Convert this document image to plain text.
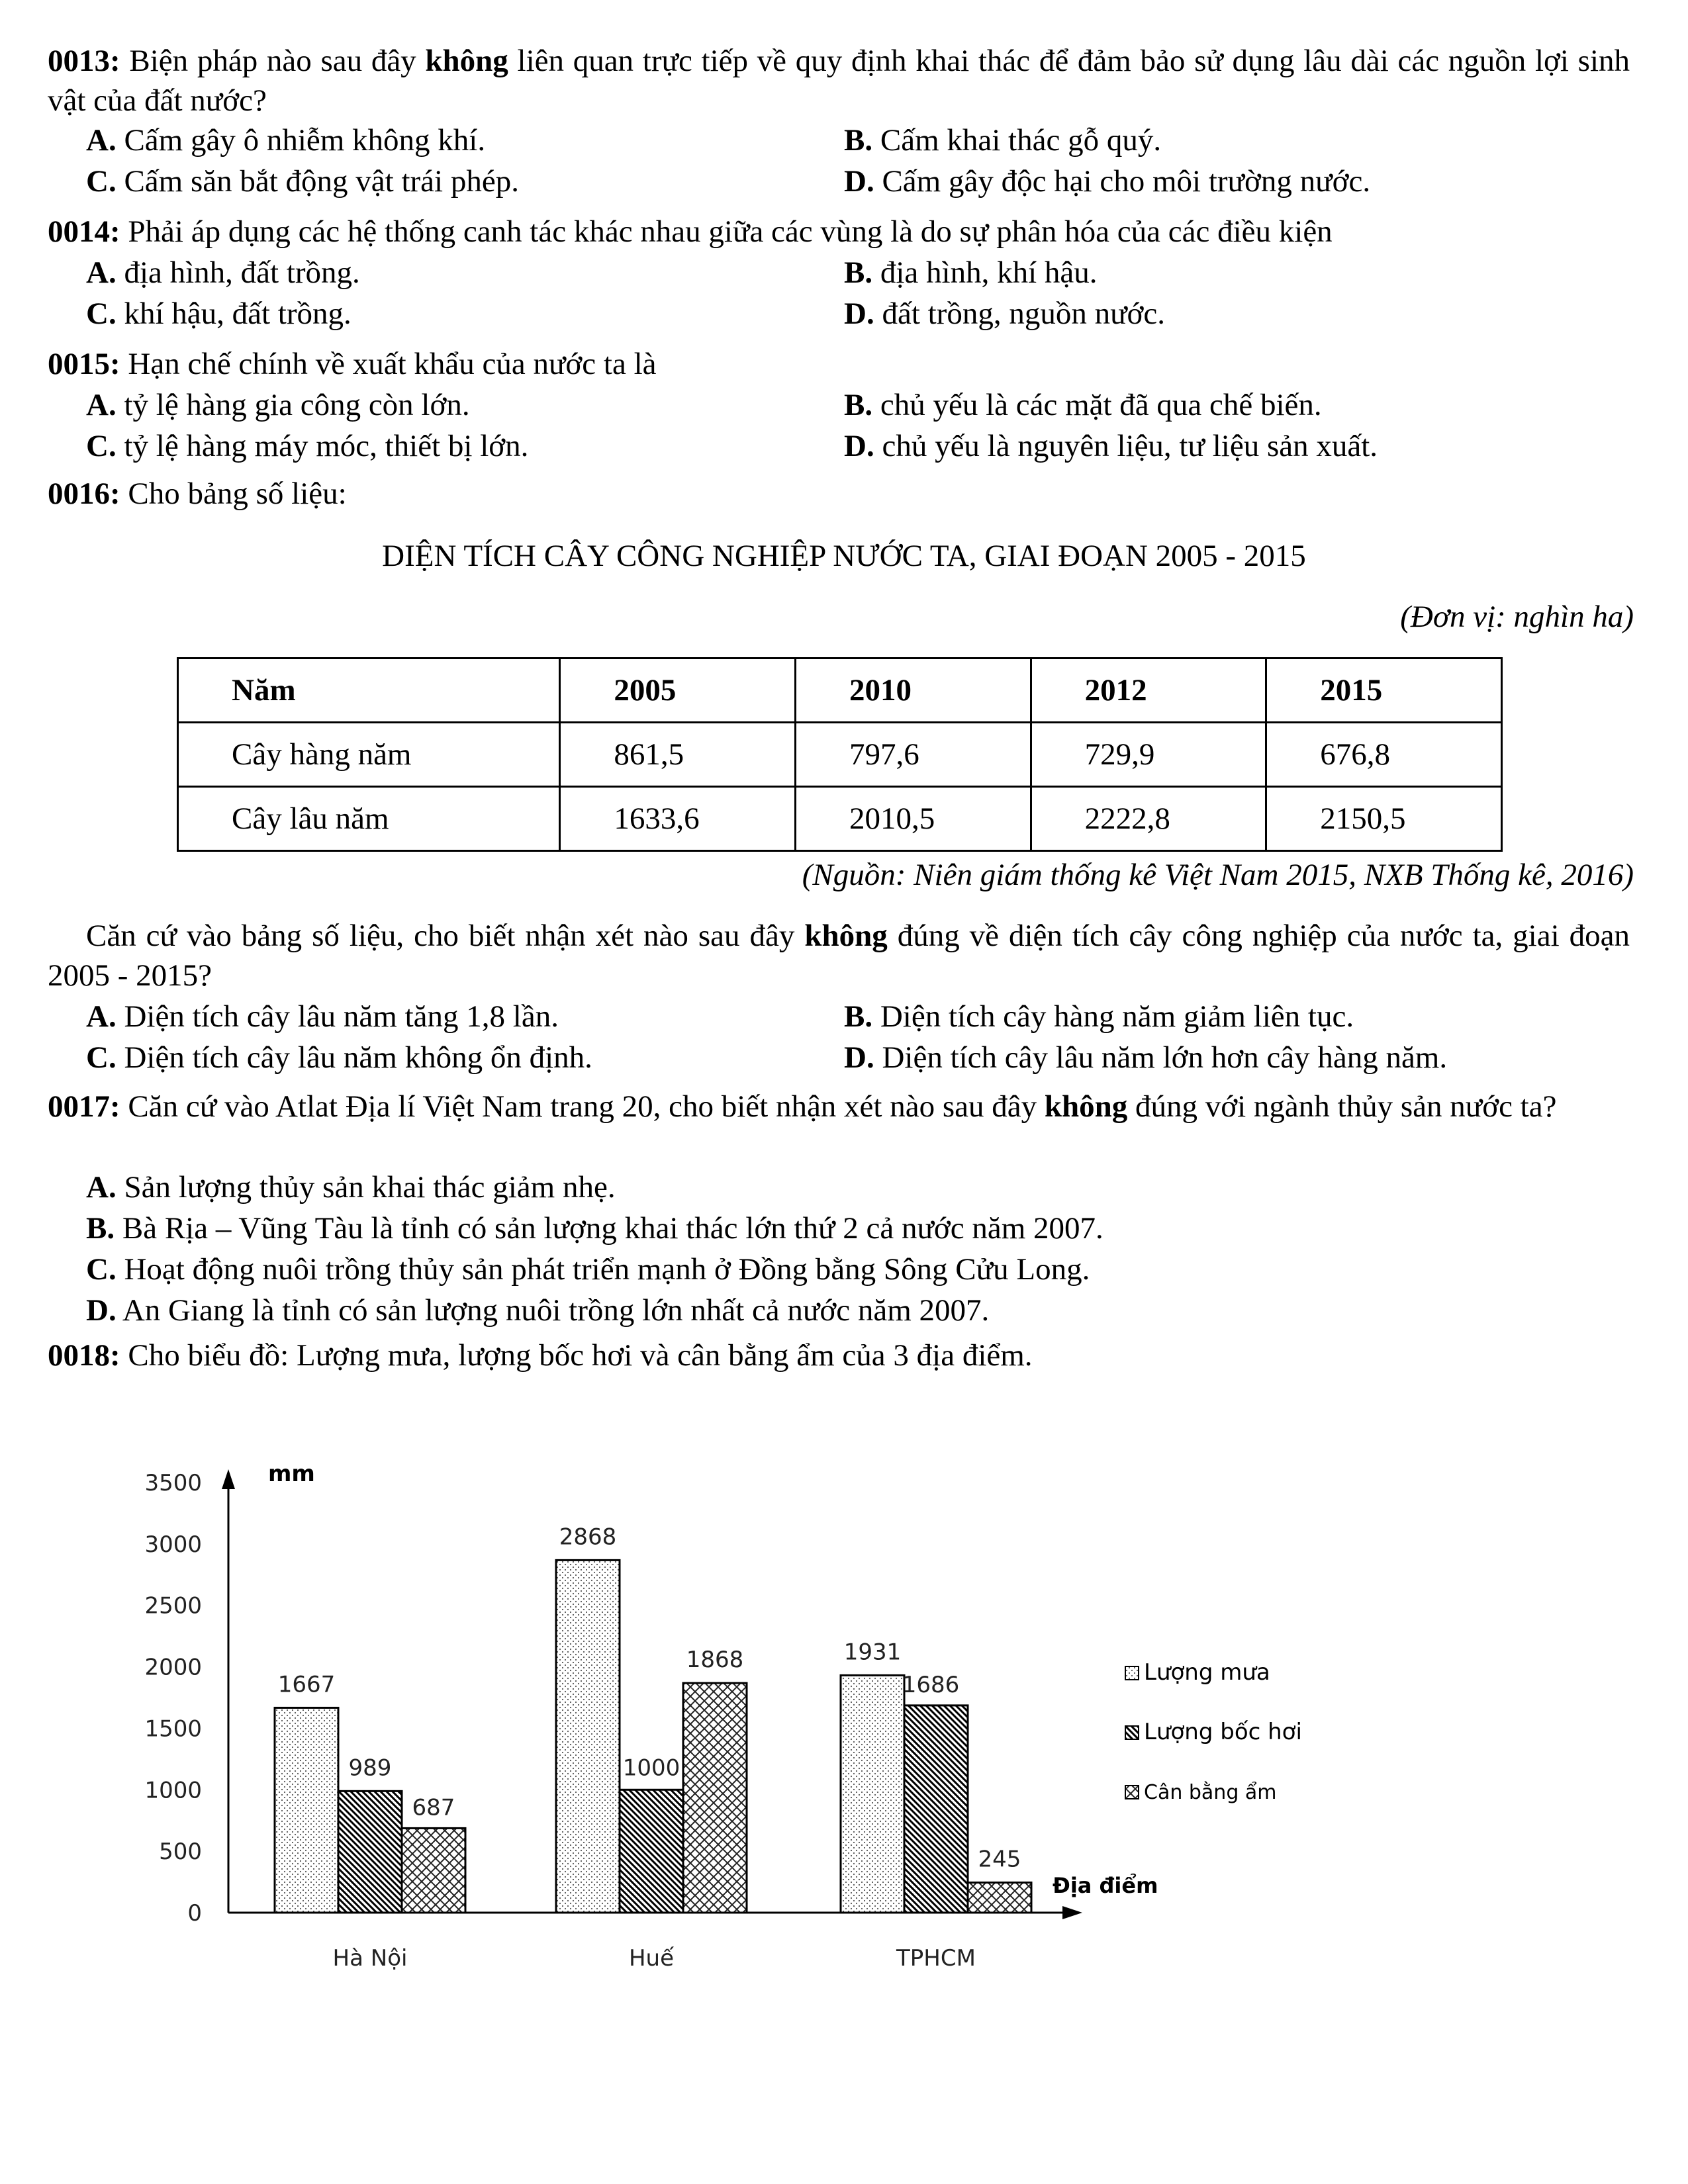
0013: Biện pháp nào sau đây không liên quan trực tiếp về quy định khai thác để đảm bảo sử dụng lâu dài các nguồn lợi sinh vật của đất nước?
A. Cấm gây ô nhiễm không khí.	B. Cấm khai thác gỗ quý.
C. Cấm săn bắt động vật trái phép.	D. Cấm gây độc hại cho môi trường nước.
0014: Phải áp dụng các hệ thống canh tác khác nhau giữa các vùng là do sự phân hóa của các điều kiện
A. địa hình, đất trồng.	B. địa hình, khí hậu.
C. khí hậu, đất trồng.	D. đất trồng, nguồn nước.
0015: Hạn chế chính về xuất khẩu của nước ta là
A. tỷ lệ hàng gia công còn lớn.	B. chủ yếu là các mặt đã qua chế biến.
C. tỷ lệ hàng máy móc, thiết bị lớn.	D. chủ yếu là nguyên liệu, tư liệu sản xuất.
0016: Cho bảng số liệu:
DIỆN TÍCH CÂY CÔNG NGHIỆP NƯỚC TA, GIAI ĐOẠN 2005 - 2015
(Đơn vị: nghìn ha)
Năm	2005	2010	2012	2015
Cây hàng năm	861,5	797,6	729,9	676,8
Cây lâu năm	1633,6	2010,5	2222,8	2150,5
(Nguồn: Niên giám thống kê Việt Nam 2015, NXB Thống kê, 2016)
Căn cứ vào bảng số liệu, cho biết nhận xét nào sau đây không đúng về diện tích cây công nghiệp của nước ta, giai đoạn 2005 - 2015?
A. Diện tích cây lâu năm tăng 1,8 lần.	B. Diện tích cây hàng năm giảm liên tục.
C. Diện tích cây lâu năm không ổn định.	D. Diện tích cây lâu năm lớn hơn cây hàng năm.
0017: Căn cứ vào Atlat Địa lí Việt Nam trang 20, cho biết nhận xét nào sau đây không đúng với ngành thủy sản nước ta?
A. Sản lượng thủy sản khai thác giảm nhẹ.
B. Bà Rịa – Vũng Tàu là tỉnh có sản lượng khai thác lớn thứ 2 cả nước năm 2007.
C. Hoạt động nuôi trồng thủy sản phát triển mạnh ở Đồng bằng Sông Cửu Long.
D. An Giang là tỉnh có sản lượng nuôi trồng lớn nhất cả nước năm 2007.
0018: Cho biểu đồ: Lượng mưa, lượng bốc hơi và cân bằng ẩm của 3 địa điểm.
0
500
1000
1500
2000
2500
3000
3500	mm
Địa điểm
1667
2868
1931
989	1000
1686
687
1868
245
Hà Nội	Huế	TPHCM
Lượng mưa
Lượng bốc hơi
Cân bằng ẩm
